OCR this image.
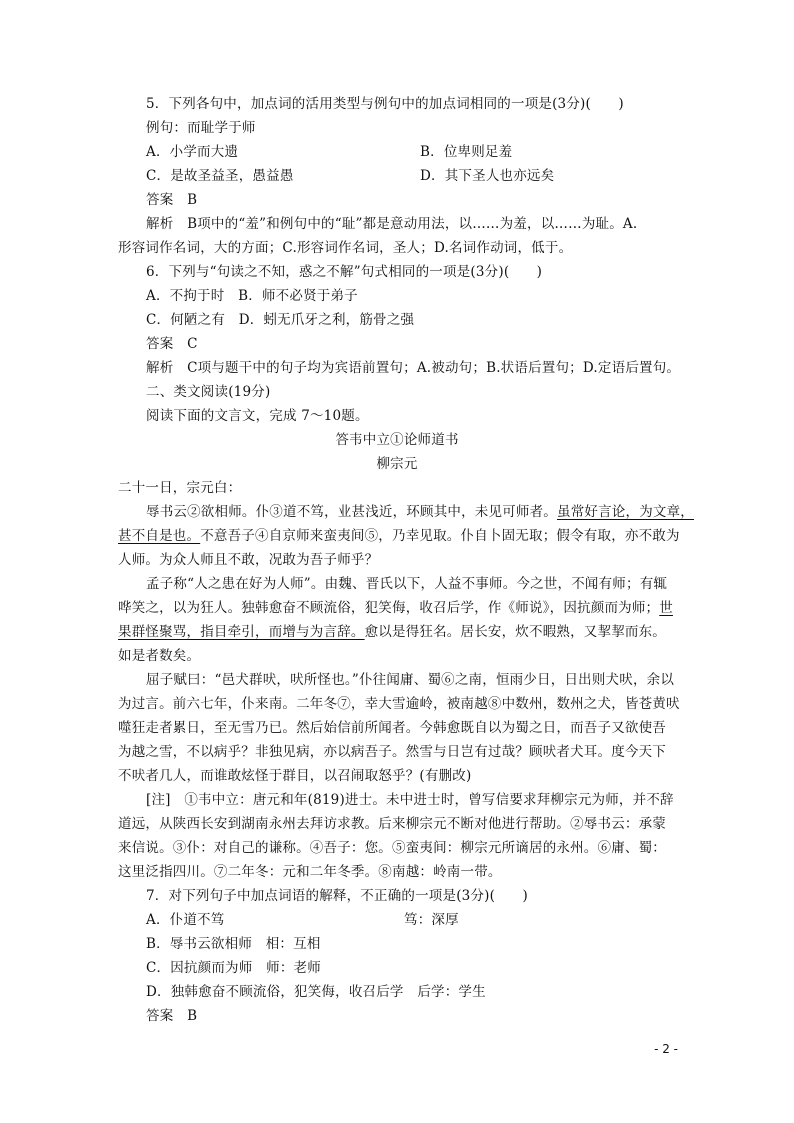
5．下列各句中，加点词的活用类型与例句中的加点词相同的一项是(3分)(　　)
例句：而耻学于师
A．小学而大遗	B．位卑则足羞
C．是故圣益圣，愚益愚	D．其下圣人也亦远矣
答案　B
解析　B项中的“羞”和例句中的“耻”都是意动用法，以……为羞，以……为耻。A.
形容词作名词，大的方面；C.形容词作名词，圣人；D.名词作动词，低于。
6．下列与“句读之不知，惑之不解”句式相同的一项是(3分)(　　)
A．不拘于时　B．师不必贤于弟子
C．何陋之有　D．蚓无爪牙之利，筋骨之强
答案　C
解析　C项与题干中的句子均为宾语前置句；A.被动句；B.状语后置句；D.定语后置句。
二、类文阅读(19分)
阅读下面的文言文，完成 7～10题。
答韦中立①论师道书
柳宗元
二十一日，宗元白：
辱书云②欲相师。仆③道不笃，业甚浅近，环顾其中，未见可师者。虽常好言论，为文章，
甚不自是也。不意吾子④自京师来蛮夷间⑤，乃幸见取。仆自卜固无取；假令有取，亦不敢为
人师。为众人师且不敢，况敢为吾子师乎？
孟子称“人之患在好为人师”。由魏、晋氏以下，人益不事师。今之世，不闻有师；有辄
哗笑之，以为狂人。独韩愈奋不顾流俗，犯笑侮，收召后学，作《师说》，因抗颜而为师；世
果群怪聚骂，指目牵引，而增与为言辞。愈以是得狂名。居长安，炊不暇熟，又挈挈而东。
如是者数矣。
屈子赋曰：“邑犬群吠，吠所怪也。”仆往闻庸、蜀⑥之南，恒雨少日，日出则犬吠，余以
为过言。前六七年，仆来南。二年冬⑦，幸大雪逾岭，被南越⑧中数州，数州之犬，皆苍黄吠
噬狂走者累日，至无雪乃已。然后始信前所闻者。今韩愈既自以为蜀之日，而吾子又欲使吾
为越之雪，不以病乎？非独见病，亦以病吾子。然雪与日岂有过哉？顾吠者犬耳。度今天下
不吠者几人，而谁敢炫怪于群目，以召闹取怒乎？(有删改)
[注]　①韦中立：唐元和年(819)进士。未中进士时，曾写信要求拜柳宗元为师，并不辞
道远，从陕西长安到湖南永州去拜访求教。后来柳宗元不断对他进行帮助。②辱书云：承蒙
来信说。③仆：对自己的谦称。④吾子：您。⑤蛮夷间：柳宗元所谪居的永州。⑥庸、蜀：
这里泛指四川。⑦二年冬：元和二年冬季。⑧南越：岭南一带。
7．对下列句子中加点词语的解释，不正确的一项是(3分)(　　)
A．仆道不笃	笃：深厚
B．辱书云欲相师　相：互相
C．因抗颜而为师　师：老师
D．独韩愈奋不顾流俗，犯笑侮，收召后学　后学：学生
答案　B
- 2 -
